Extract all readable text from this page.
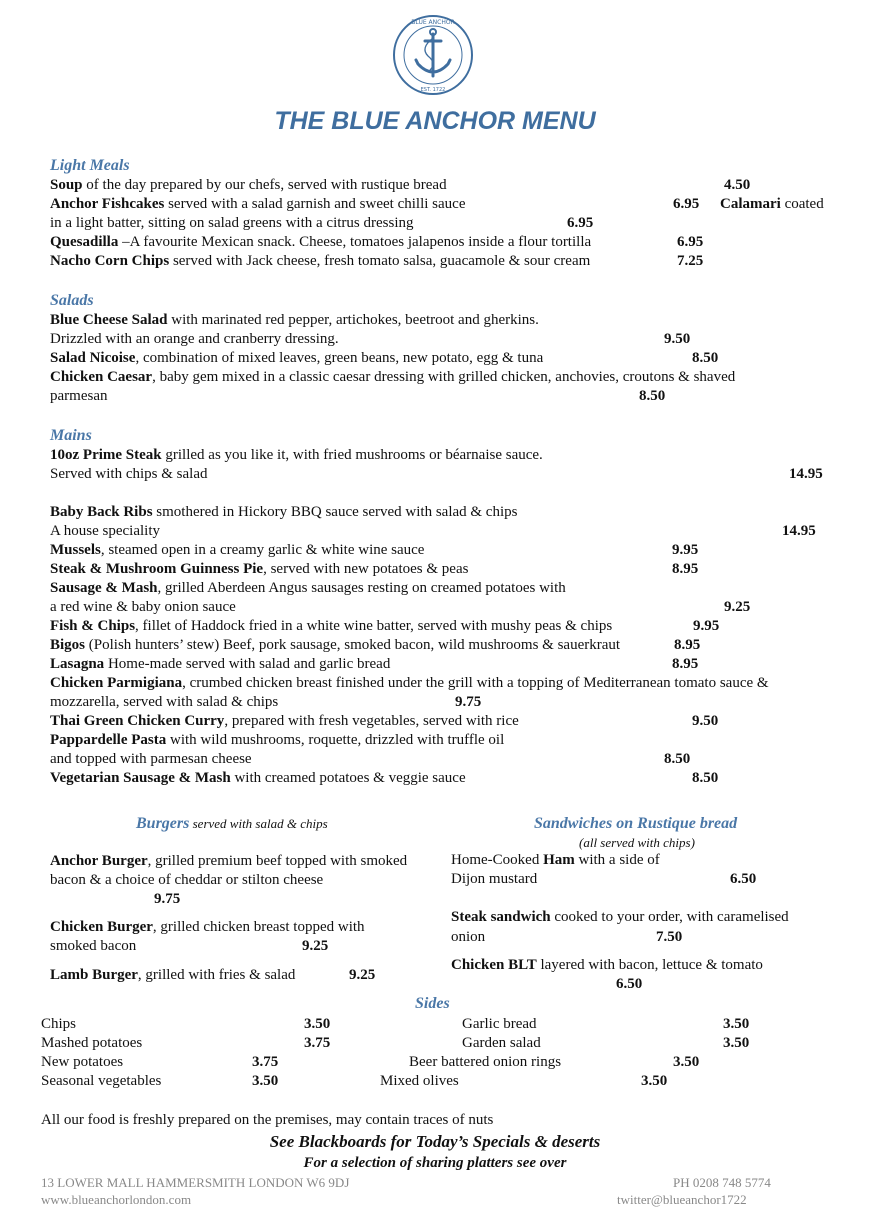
BLUE ANCHOR
EST. 1722
THE BLUE ANCHOR MENU
Light Meals
Soup of the day prepared by our chefs, served with rustique bread	4.50
Anchor Fishcakes served with a salad garnish and sweet chilli sauce	6.95 Calamari coated
in a light batter, sitting on salad greens with a citrus dressing	6.95
Quesadilla –A favourite Mexican snack. Cheese, tomatoes jalapenos inside a flour tortilla	6.95
Nacho Corn Chips served with Jack cheese, fresh tomato salsa, guacamole & sour cream	7.25
Salads
Blue Cheese Salad with marinated red pepper, artichokes, beetroot and gherkins.
Drizzled with an orange and cranberry dressing.	9.50
Salad Nicoise, combination of mixed leaves, green beans, new potato, egg & tuna	8.50
Chicken Caesar, baby gem mixed in a classic caesar dressing with grilled chicken, anchovies, croutons & shaved
parmesan	8.50
Mains
10oz Prime Steak grilled as you like it, with fried mushrooms or béarnaise sauce.
Served with chips & salad	14.95
Baby Back Ribs smothered in Hickory BBQ sauce served with salad & chips
A house speciality	14.95
Mussels, steamed open in a creamy garlic & white wine sauce	9.95
Steak & Mushroom Guinness Pie, served with new potatoes & peas	8.95
Sausage & Mash, grilled Aberdeen Angus sausages resting on creamed potatoes with
a red wine & baby onion sauce	9.25
Fish & Chips, fillet of Haddock fried in a white wine batter, served with mushy peas & chips	9.95
Bigos (Polish hunters’ stew) Beef, pork sausage, smoked bacon, wild mushrooms & sauerkraut	8.95
Lasagna Home-made served with salad and garlic bread	8.95
Chicken Parmigiana, crumbed chicken breast finished under the grill with a topping of Mediterranean tomato sauce &
mozzarella, served with salad & chips	9.75
Thai Green Chicken Curry, prepared with fresh vegetables, served with rice	9.50
Pappardelle Pasta with wild mushrooms, roquette, drizzled with truffle oil
and topped with parmesan cheese	8.50
Vegetarian Sausage & Mash with creamed potatoes & veggie sauce	8.50
Burgers served with salad & chips
Anchor Burger, grilled premium beef topped with smoked
bacon & a choice of cheddar or stilton cheese
9.75
Chicken Burger, grilled chicken breast topped with
smoked bacon	9.25
Lamb Burger, grilled with fries & salad	9.25
Sandwiches on Rustique bread
(all served with chips)
Home-Cooked Ham with a side of
Dijon mustard	6.50
Steak sandwich cooked to your order, with caramelised
onion	7.50
Chicken BLT layered with bacon, lettuce & tomato
6.50
Sides
Chips	3.50
Mashed potatoes	3.75
New potatoes	3.75
Seasonal vegetables	3.50
Garlic bread	3.50
Garden salad	3.50
Beer battered onion rings	3.50
Mixed olives	3.50
All our food is freshly prepared on the premises, may contain traces of nuts
See Blackboards for Today’s Specials & deserts
For a selection of sharing platters see over
13 LOWER MALL HAMMERSMITH LONDON W6 9DJ	PH 0208 748 5774
www.blueanchorlondon.com	twitter@blueanchor1722
